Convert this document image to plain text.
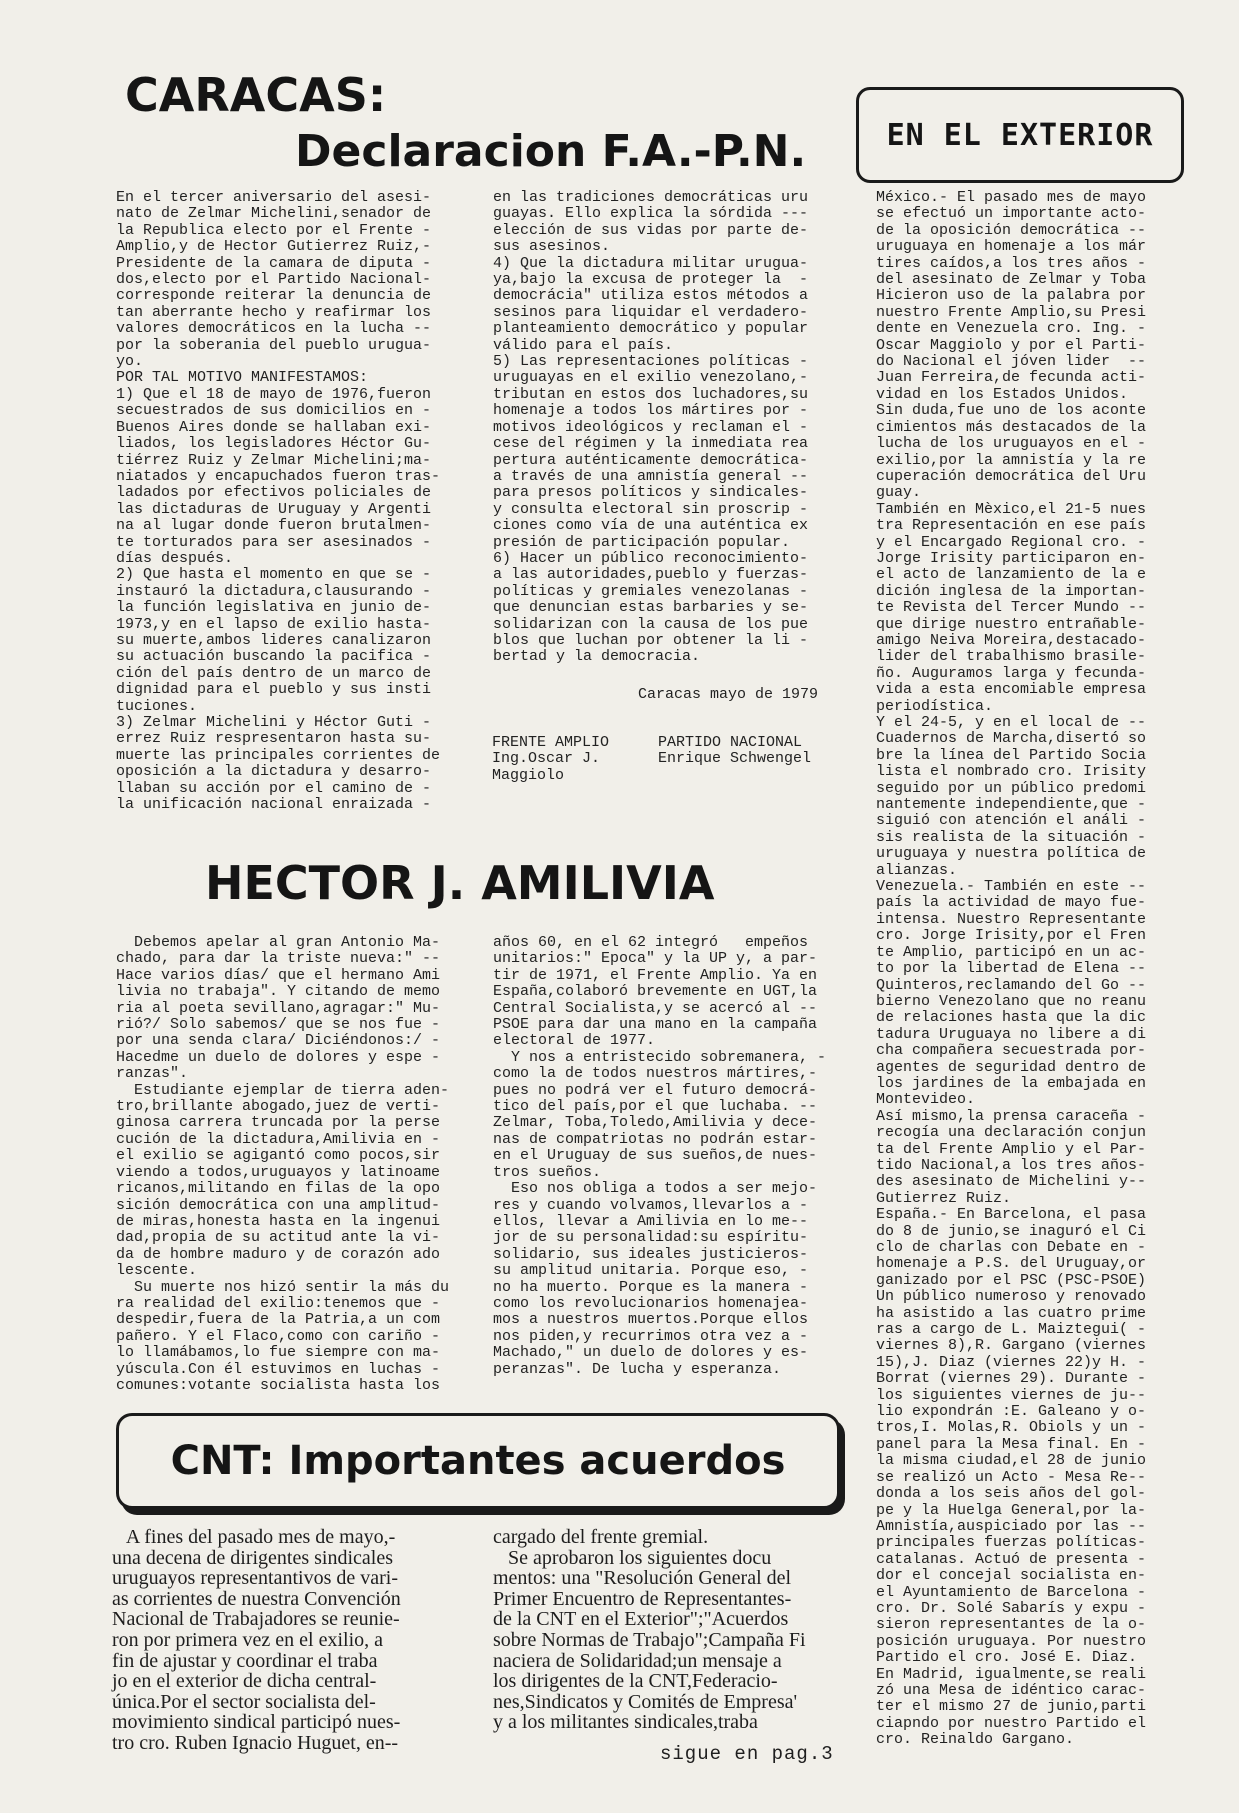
CARACAS:
Declaracion F.A.-P.N.	EN EL EXTERIOR
En el tercer aniversario del asesi-
nato de Zelmar Michelini,senador de
la Republica electo por el Frente -
Amplio,y de Hector Gutierrez Ruiz,-
Presidente de la camara de diputa -
dos,electo por el Partido Nacional-
corresponde reiterar la denuncia de
tan aberrante hecho y reafirmar los
valores democráticos en la lucha --
por la soberania del pueblo urugua-
yo.
POR TAL MOTIVO MANIFESTAMOS:
1) Que el 18 de mayo de 1976,fueron
secuestrados de sus domicilios en -
Buenos Aires donde se hallaban exi-
liados, los legisladores Héctor Gu-
tiérrez Ruiz y Zelmar Michelini;ma-
niatados y encapuchados fueron tras-
ladados por efectivos policiales de
las dictaduras de Uruguay y Argenti
na al lugar donde fueron brutalmen-
te torturados para ser asesinados -
días después.
2) Que hasta el momento en que se -
instauró la dictadura,clausurando -
la función legislativa en junio de-
1973,y en el lapso de exilio hasta-
su muerte,ambos lideres canalizaron
su actuación buscando la pacifica -
ción del país dentro de un marco de
dignidad para el pueblo y sus insti
tuciones.
3) Zelmar Michelini y Héctor Guti -
errez Ruiz respresentaron hasta su-
muerte las principales corrientes de
oposición a la dictadura y desarro-
llaban su acción por el camino de -
la unificación nacional enraizada -
en las tradiciones democráticas uru
guayas. Ello explica la sórdida ---
elección de sus vidas por parte de-
sus asesinos.
4) Que la dictadura militar urugua-
ya,bajo la excusa de proteger la  -
democrácia" utiliza estos métodos a
sesinos para liquidar el verdadero-
planteamiento democrático y popular
válido para el país.
5) Las representaciones políticas -
uruguayas en el exilio venezolano,-
tributan en estos dos luchadores,su
homenaje a todos los mártires por -
motivos ideológicos y reclaman el -
cese del régimen y la inmediata rea
pertura auténticamente democrática-
a través de una amnistía general --
para presos políticos y sindicales-
y consulta electoral sin proscrip -
ciones como vía de una auténtica ex
presión de participación popular.
6) Hacer un público reconocimiento-
a las autoridades,pueblo y fuerzas-
políticas y gremiales venezolanas -
que denuncian estas barbaries y se-
solidarizan con la causa de los pue
blos que luchan por obtener la li -
bertad y la democracia.
Caracas mayo de 1979
FRENTE AMPLIO
Ing.Oscar J.
Maggiolo
PARTIDO NACIONAL
Enrique Schwengel
México.- El pasado mes de mayo
se efectuó un importante acto-
de la oposición democrática --
uruguaya en homenaje a los már
tires caídos,a los tres años -
del asesinato de Zelmar y Toba
Hicieron uso de la palabra por
nuestro Frente Amplio,su Presi
dente en Venezuela cro. Ing. -
Oscar Maggiolo y por el Parti-
do Nacional el jóven lider  --
Juan Ferreira,de fecunda acti-
vidad en los Estados Unidos.
Sin duda,fue uno de los aconte
cimientos más destacados de la
lucha de los uruguayos en el -
exilio,por la amnistía y la re
cuperación democrática del Uru
guay.
También en Mèxico,el 21-5 nues
tra Representación en ese país
y el Encargado Regional cro. -
Jorge Irisity participaron en-
el acto de lanzamiento de la e
dición inglesa de la importan-
te Revista del Tercer Mundo --
que dirige nuestro entrañable-
amigo Neiva Moreira,destacado-
lider del trabalhismo brasile-
ño. Auguramos larga y fecunda-
vida a esta encomiable empresa
periodística.
Y el 24-5, y en el local de --
Cuadernos de Marcha,disertó so
bre la línea del Partido Socia
lista el nombrado cro. Irisity
seguido por un público predomi
nantemente independiente,que -
siguió con atención el análi -
sis realista de la situación -
uruguaya y nuestra política de
alianzas.
Venezuela.- También en este --
país la actividad de mayo fue-
intensa. Nuestro Representante
cro. Jorge Irisity,por el Fren
te Amplio, participó en un ac-
to por la libertad de Elena --
Quinteros,reclamando del Go --
bierno Venezolano que no reanu
de relaciones hasta que la dic
tadura Uruguaya no libere a di
cha compañera secuestrada por-
agentes de seguridad dentro de
los jardines de la embajada en
Montevideo.
Así mismo,la prensa caraceña -
recogía una declaración conjun
ta del Frente Amplio y el Par-
tido Nacional,a los tres años-
des asesinato de Michelini y--
Gutierrez Ruiz.
España.- En Barcelona, el pasa
do 8 de junio,se inaguró el Ci
clo de charlas con Debate en -
homenaje a P.S. del Uruguay,or
ganizado por el PSC (PSC-PSOE)
Un público numeroso y renovado
ha asistido a las cuatro prime
ras a cargo de L. Maiztegui( -
viernes 8),R. Gargano (viernes
15),J. Diaz (viernes 22)y H. -
Borrat (viernes 29). Durante -
los siguientes viernes de ju--
lio expondrán :E. Galeano y o-
tros,I. Molas,R. Obiols y un -
panel para la Mesa final. En -
la misma ciudad,el 28 de junio
se realizó un Acto - Mesa Re--
donda a los seis años del gol-
pe y la Huelga General,por la-
Amnistía,auspiciado por las --
principales fuerzas políticas-
catalanas. Actuó de presenta -
dor el concejal socialista en-
el Ayuntamiento de Barcelona -
cro. Dr. Solé Sabarís y expu -
sieron representantes de la o-
posición uruguaya. Por nuestro
Partido el cro. José E. Diaz.
En Madrid, igualmente,se reali
zó una Mesa de idéntico carac-
ter el mismo 27 de junio,parti
ciapndo por nuestro Partido el
cro. Reinaldo Gargano.
HECTOR J. AMILIVIA
Debemos apelar al gran Antonio Ma-
chado, para dar la triste nueva:" --
Hace varios días/ que el hermano Ami
livia no trabaja". Y citando de memo
ria al poeta sevillano,agragar:" Mu-
rió?/ Solo sabemos/ que se nos fue -
por una senda clara/ Diciéndonos:/ -
Hacedme un duelo de dolores y espe -
ranzas".
Estudiante ejemplar de tierra aden-
tro,brillante abogado,juez de verti-
ginosa carrera truncada por la perse
cución de la dictadura,Amilivia en -
el exilio se agigantó como pocos,sir
viendo a todos,uruguayos y latinoame
ricanos,militando en filas de la opo
sición democrática con una amplitud-
de miras,honesta hasta en la ingenui
dad,propia de su actitud ante la vi-
da de hombre maduro y de corazón ado
lescente.
Su muerte nos hizó sentir la más du
ra realidad del exilio:tenemos que -
despedir,fuera de la Patria,a un com
pañero. Y el Flaco,como con cariño -
lo llamábamos,lo fue siempre con ma-
yúscula.Con él estuvimos en luchas -
comunes:votante socialista hasta los
años 60, en el 62 integró   empeños
unitarios:" Epoca" y la UP y, a par-
tir de 1971, el Frente Amplio. Ya en
España,colaboró brevemente en UGT,la
Central Socialista,y se acercó al --
PSOE para dar una mano en la campaña
electoral de 1977.
Y nos a entristecido sobremanera, -
como la de todos nuestros mártires,-
pues no podrá ver el futuro democrá-
tico del país,por el que luchaba. --
Zelmar, Toba,Toledo,Amilivia y dece-
nas de compatriotas no podrán estar-
en el Uruguay de sus sueños,de nues-
tros sueños.
Eso nos obliga a todos a ser mejo-
res y cuando volvamos,llevarlos a -
ellos, llevar a Amilivia en lo me--
jor de su personalidad:su espíritu-
solidario, sus ideales justicieros-
su amplitud unitaria. Porque eso, -
no ha muerto. Porque es la manera -
como los revolucionarios homenajea-
mos a nuestros muertos.Porque ellos
nos piden,y recurrimos otra vez a -
Machado," un duelo de dolores y es-
peranzas". De lucha y esperanza.
CNT: Importantes acuerdos
A fines del pasado mes de mayo,-
una decena de dirigentes sindicales
uruguayos representantivos de vari-
as corrientes de nuestra Convención
Nacional de Trabajadores se reunie-
ron por primera vez en el exilio, a
fin de ajustar y coordinar el traba
jo en el exterior de dicha central-
única.Por el sector socialista del-
movimiento sindical participó nues-
tro cro. Ruben Ignacio Huguet, en--
cargado del frente gremial.
Se aprobaron los siguientes docu
mentos: una "Resolución General del
Primer Encuentro de Representantes-
de la CNT en el Exterior";"Acuerdos
sobre Normas de Trabajo";Campaña Fi
naciera de Solidaridad;un mensaje a
los dirigentes de la CNT,Federacio-
nes,Sindicatos y Comités de Empresa'
y a los militantes sindicales,traba
sigue en pag.3
